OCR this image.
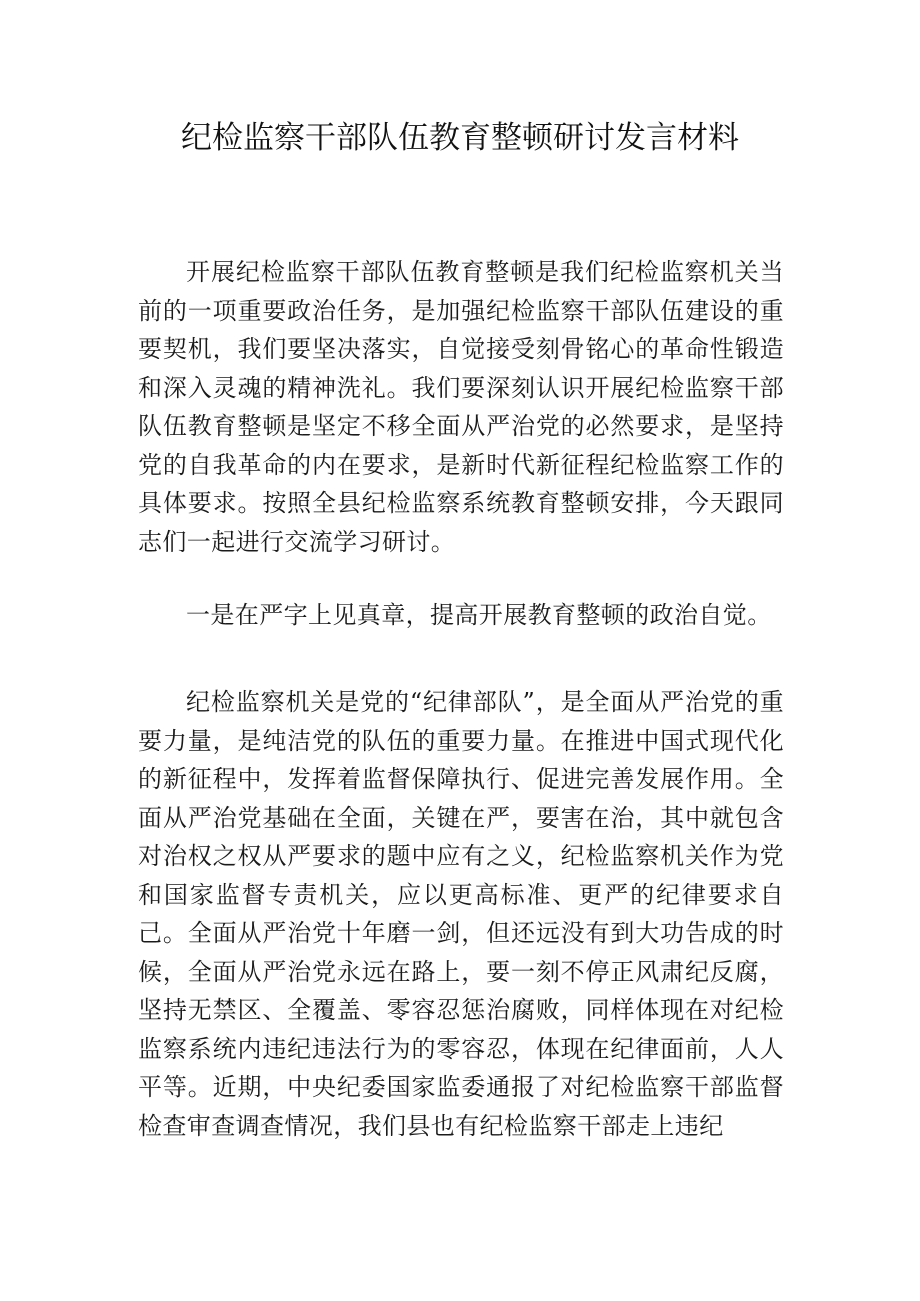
纪检监察干部队伍教育整顿研讨发言材料

开展纪检监察干部队伍教育整顿是我们纪检监察机关当前的一项重要政治任务，是加强纪检监察干部队伍建设的重要契机，我们要坚决落实，自觉接受刻骨铭心的革命性锻造和深入灵魂的精神洗礼。我们要深刻认识开展纪检监察干部队伍教育整顿是坚定不移全面从严治党的必然要求，是坚持党的自我革命的内在要求，是新时代新征程纪检监察工作的具体要求。按照全县纪检监察系统教育整顿安排，今天跟同志们一起进行交流学习研讨。

一是在严字上见真章，提高开展教育整顿的政治自觉。

纪检监察机关是党的“纪律部队”，是全面从严治党的重要力量，是纯洁党的队伍的重要力量。在推进中国式现代化的新征程中，发挥着监督保障执行、促进完善发展作用。全面从严治党基础在全面，关键在严，要害在治，其中就包含对治权之权从严要求的题中应有之义，纪检监察机关作为党和国家监督专责机关，应以更高标准、更严的纪律要求自己。全面从严治党十年磨一剑，但还远没有到大功告成的时候，全面从严治党永远在路上，要一刻不停正风肃纪反腐，坚持无禁区、全覆盖、零容忍惩治腐败，同样体现在对纪检监察系统内违纪违法行为的零容忍，体现在纪律面前，人人平等。近期，中央纪委国家监委通报了对纪检监察干部监督检查审查调查情况，我们县也有纪检监察干部走上违纪
